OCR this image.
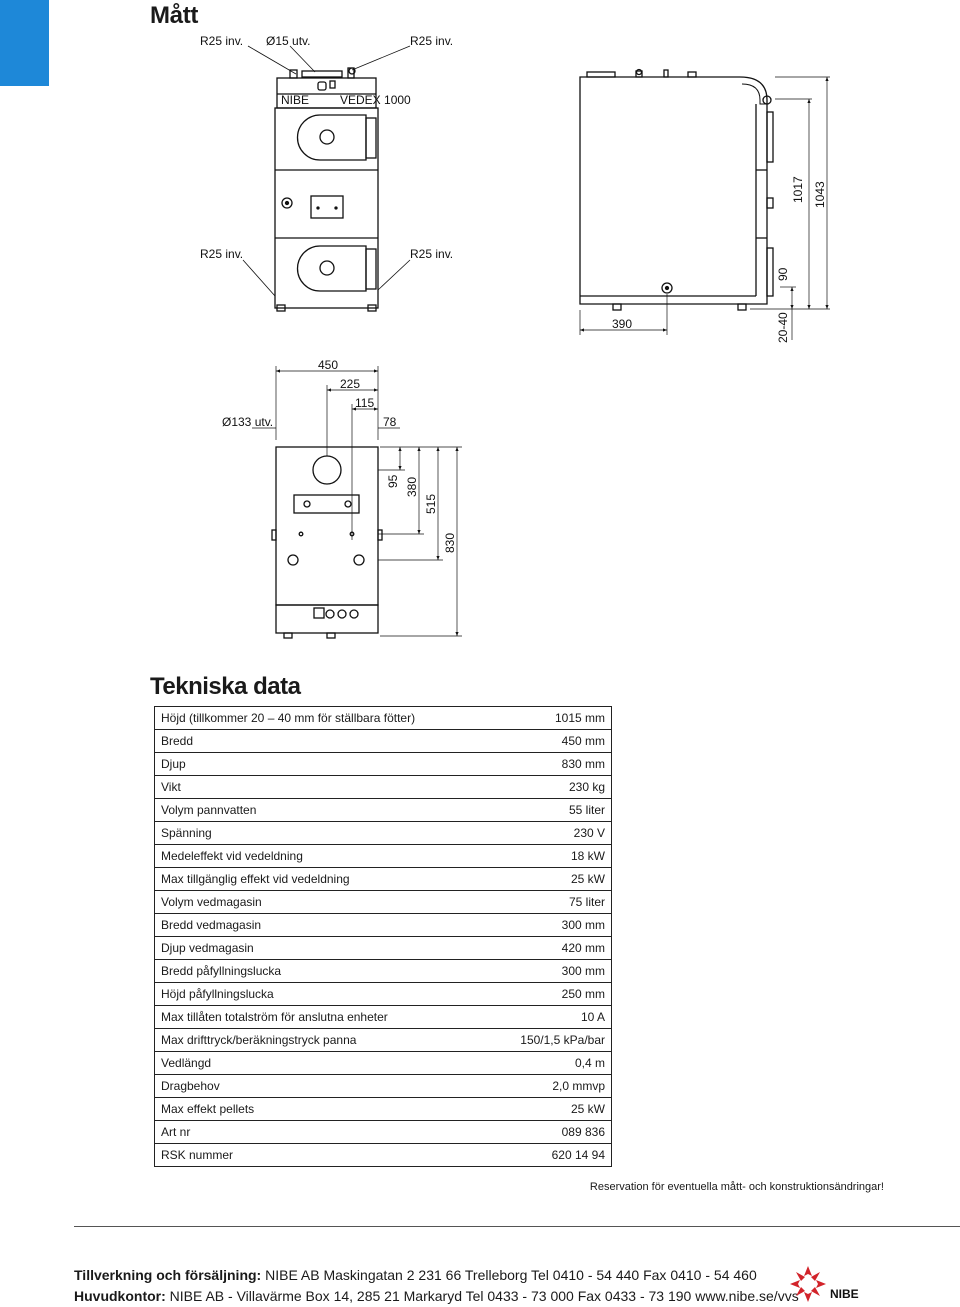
Mått
NIBE	VEDEX 1000
R25 inv. Ø15 utv.	R25 inv.
R25 inv.	R25 inv.
1017 1043
90
390	20-40
450
225
115
78
Ø133 utv.
95 380
515
830
Tekniska data
Höjd (tillkommer 20 – 40 mm för ställbara fötter)	1015 mm
Bredd	450 mm
Djup	830 mm
Vikt	230 kg
Volym pannvatten	55 liter
Spänning	230 V
Medeleffekt vid vedeldning	18 kW
Max tillgänglig effekt vid vedeldning	25 kW
Volym vedmagasin	75 liter
Bredd vedmagasin	300 mm
Djup vedmagasin	420 mm
Bredd påfyllningslucka	300 mm
Höjd påfyllningslucka	250 mm
Max tillåten totalström för anslutna enheter	10 A
Max drifttryck/beräkningstryck panna	150/1,5 kPa/bar
Vedlängd	0,4 m
Dragbehov	2,0 mmvp
Max effekt pellets	25 kW
Art nr	089 836
RSK nummer	620 14 94
Reservation för eventuella mått- och konstruktionsändringar!
Tillverkning och försäljning: NIBE AB Maskingatan 2 231 66 Trelleborg Tel 0410 - 54 440 Fax 0410 - 54 460
Huvudkontor: NIBE AB - Villavärme Box 14, 285 21 Markaryd Tel 0433 - 73 000 Fax 0433 - 73 190 www.nibe.se/vvs	NIBE
